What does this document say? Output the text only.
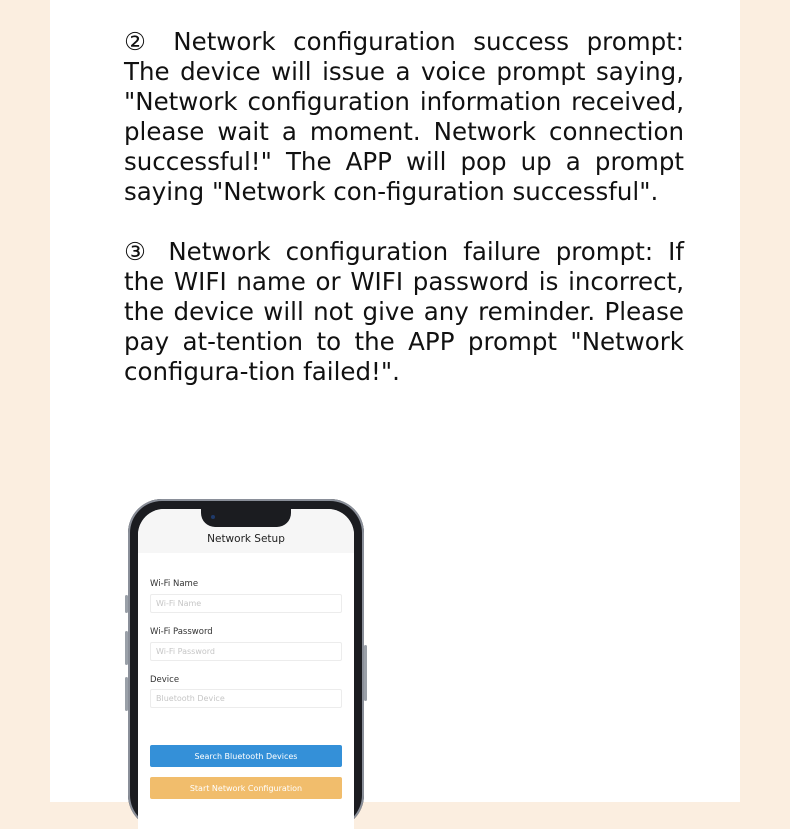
② Network configuration success prompt: The device will issue a voice prompt saying, "Network configuration information received, please wait a moment. Network connection successful!" The APP will pop up a prompt saying "Network con-figuration successful".

③ Network configuration failure prompt: If the WIFI name or WIFI password is incorrect, the device will not give any reminder. Please pay at-tention to the APP prompt "Network configura-tion failed!".

Network Setup
Wi-Fi Name
Wi-Fi Name
Wi-Fi Password
Wi-Fi Password
Device
Bluetooth Device
Search Bluetooth Devices
Start Network Configuration
